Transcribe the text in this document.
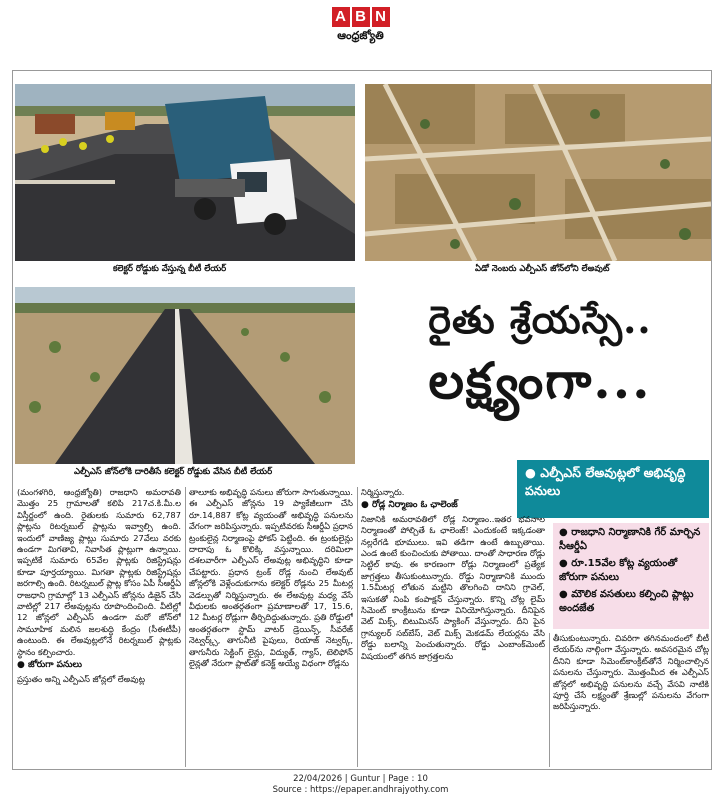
A B N
ఆంధ్రజ్యోతి
కలెక్టర్‌ రోడ్డుకు వేస్తున్న బీటీ లేయర్‌	ఏడో నెంబరు ఎల్పీఎస్‌ జోన్‌లోని లేఅవుట్‌
ఎల్పీఎస్‌ జోన్‌లోకి దారితీసే కలెక్టర్‌ రోడ్డుకు వేసిన బీటీ లేయర్‌
రైతు శ్రేయస్సే..
లక్ష్యంగా...
● ఎల్పీఎస్‌ లేఅవుట్లలో అభివృద్ధి పనులు
● రాజధాని నిర్మాణానికి గేర్‌ మార్చిన సీఆర్డీఏ
● రూ.15వేల కోట్ల వ్యయంతో జోరుగా పనులు
● మౌలిక వసతులు కల్పించి ప్లాట్లు అందజేత
(మంగళగిరి, ఆంధ్రజ్యోతి) రాజధాని అమరావతి మొత్తం 25 గ్రామాలతో కలిపి 217చ.కి.మీ.ల విస్తీర్ణంలో ఉంది. రైతులకు సుమారు 62,787 ప్లాట్లను రిటర్నబుల్‌ ప్లాట్లను ఇవ్వాల్సి ఉంది. ఇందులో వాణిజ్య ప్లాట్లు సుమారు 27వేలు వరకు ఉండగా మిగతావి, నివాసిత ప్లాట్లుగా ఉన్నాయి. ఇప్పటికే సుమారు 65వేల ప్లాట్లకు రిజిస్ట్రేషన్లు కూడా పూర్తయ్యాయి. మిగతా ప్లాట్లకు రిజిస్ట్రేషన్లు జరగాల్సి ఉంది. రిటర్నబుల్‌ ప్లాట్ల కోసం ఏపీ సీఆర్డీఏ రాజధాని గ్రామాల్లో 13 ఎల్పీఎస్‌ జోన్లను డిజైన్‌ చేసి వాటిల్లో 217 లేఅవుట్లను రూపొందించింది. వీటిల్లో 12 జోన్లలో ఎల్పీఎస్‌ ఉండగా మరో జోన్‌లో సామూహిక మలిన జలశుద్ధి కేంద్రం (సీఈటీపీ) ఉంటుంది. ఈ లేఅవుట్లలోనే రిటర్నబుల్‌ ప్లాట్లకు స్థానం కల్పించారు.
● జోరుగా పనులు
ప్రస్తుతం అన్ని ఎల్పీఎస్‌ జోన్లలో లేఅవుట్ల
తాలూకు అభివృద్ధి పనులు జోరుగా సాగుతున్నాయి. ఈ ఎల్పీఎస్‌ జోన్లను 19 ప్యాకేజీలుగా చేసి రూ.14,887 కోట్ల వ్యయంతో అభివృద్ధి పనులను వేగంగా జరిపిస్తున్నారు. ఇప్పటివరకు సీఆర్డీఏ ప్రధాన ట్రంకులైన్ల నిర్మాణంపై ఫోకస్‌ పెట్టింది. ఈ ట్రంకులైన్లు దాదాపు ఓ కొలిక్కి వస్తున్నాయి. దరిమిలా దశలవారీగా ఎల్పీఎస్‌ లేఅవుట్ల అభివృద్ధిని కూడా చేపట్టారు. ప్రధాన ట్రంక్‌ రోడ్ల నుంచి లేఅవుట్‌ జోన్లలోకి వెళ్లేందుకుగాను కలెక్టర్‌ రోడ్లను 25 మీటర్ల వెడల్పుతో నిర్మిస్తున్నారు. ఈ లేఅవుట్ల మధ్య వేసే వీధులకు అంతర్గతంగా ప్రమాణాలతో 17, 15.6, 12 మీటర్ల రోడ్లుగా తీర్చిదిద్దుతున్నారు. ప్రతి రోడ్డులో అంతర్గతంగా స్టామ్‌ వాటర్‌ డ్రెయిన్స్‌, సీవరేజ్‌ నెట్వర్క్స్‌, తాగునీటి పైపులు, రియాజ్‌ నెట్వర్క్‌, తాగునీరు సెక్టింగ్‌ లైన్లు, విద్యుత్‌, గ్యాస్‌, టెలిఫోన్‌ లైన్లతో నేరుగా ప్లాట్‌తో కనెక్ట్‌ అయ్యే విధంగా రోడ్లను
నిర్మిస్తున్నారు.
● రోడ్ల నిర్మాణం ఓ ఛాలెంజ్‌
నిజానికి అమరావతిలో రోడ్ల నిర్మాణం..ఇతర భవనాల నిర్మాణంతో పోల్చితే ఓ ఛాలెంజ్‌! ఎందుకంటే ఇక్కడంతా నల్లరేగడి భూములు. ఇవి తడిగా ఉంటే ఉబ్బుతాయి. ఎండ ఉంటే కుంచించుకు పోతాయి. దాంతో సాధారణ రోడ్లు సెట్టిల్‌ కావు. ఈ కారణంగా రోడ్లు నిర్మాణంలో ప్రత్యేక జాగ్రత్తలు తీసుకుంటున్నారు. రోడ్డు నిర్మాణానికి ముందు 1.5మీటర్ల లోతున మట్టిని తొలగించి దానిని గ్రావెల్‌, ఇసుకతో నింపి కంపాక్షన్‌ చేస్తున్నారు. కొన్ని చోట్ల లైమ్‌ సిమెంట్‌ కాంక్రీటును కూడా వినియోగిస్తున్నారు. దీనిపైన వెట్‌ మిక్స్‌, బిటుమినస్‌ ప్యాకింగ్‌ వేస్తున్నారు. దీని పైన గ్రాన్యులర్‌ సబ్‌బేస్‌, వెట్‌ మిక్స్‌ మెకడమ్‌ లేయర్లను వేసి రోడ్డు బలాన్ని పెంచుతున్నారు. రోడ్డు ఎంబాంక్‌మెంట్‌ విషయంలో తగిన జాగ్రత్తలను
తీసుకుంటున్నారు. చివరిగా తగినమందంలో బీటీ లేయర్‌ను నాల్గింగా వేస్తున్నారు. అవసరమైన చోట్ల దీనిని కూడా సిమెంట్‌కాంక్రీట్‌తోనే నిర్మించాల్సిన పనులను చేస్తున్నారు. మొత్తంమీద ఈ ఎల్పీఎస్‌ జోన్లలో అభివృద్ధి పనులను వచ్చే వేసవి నాటికి పూర్తి చేసే లక్ష్యంతో శ్రేణుల్లో పనులను వేగంగా జరిపిస్తున్నారు.
22/04/2026 | Guntur | Page : 10
Source : https://epaper.andhrajyothy.com
